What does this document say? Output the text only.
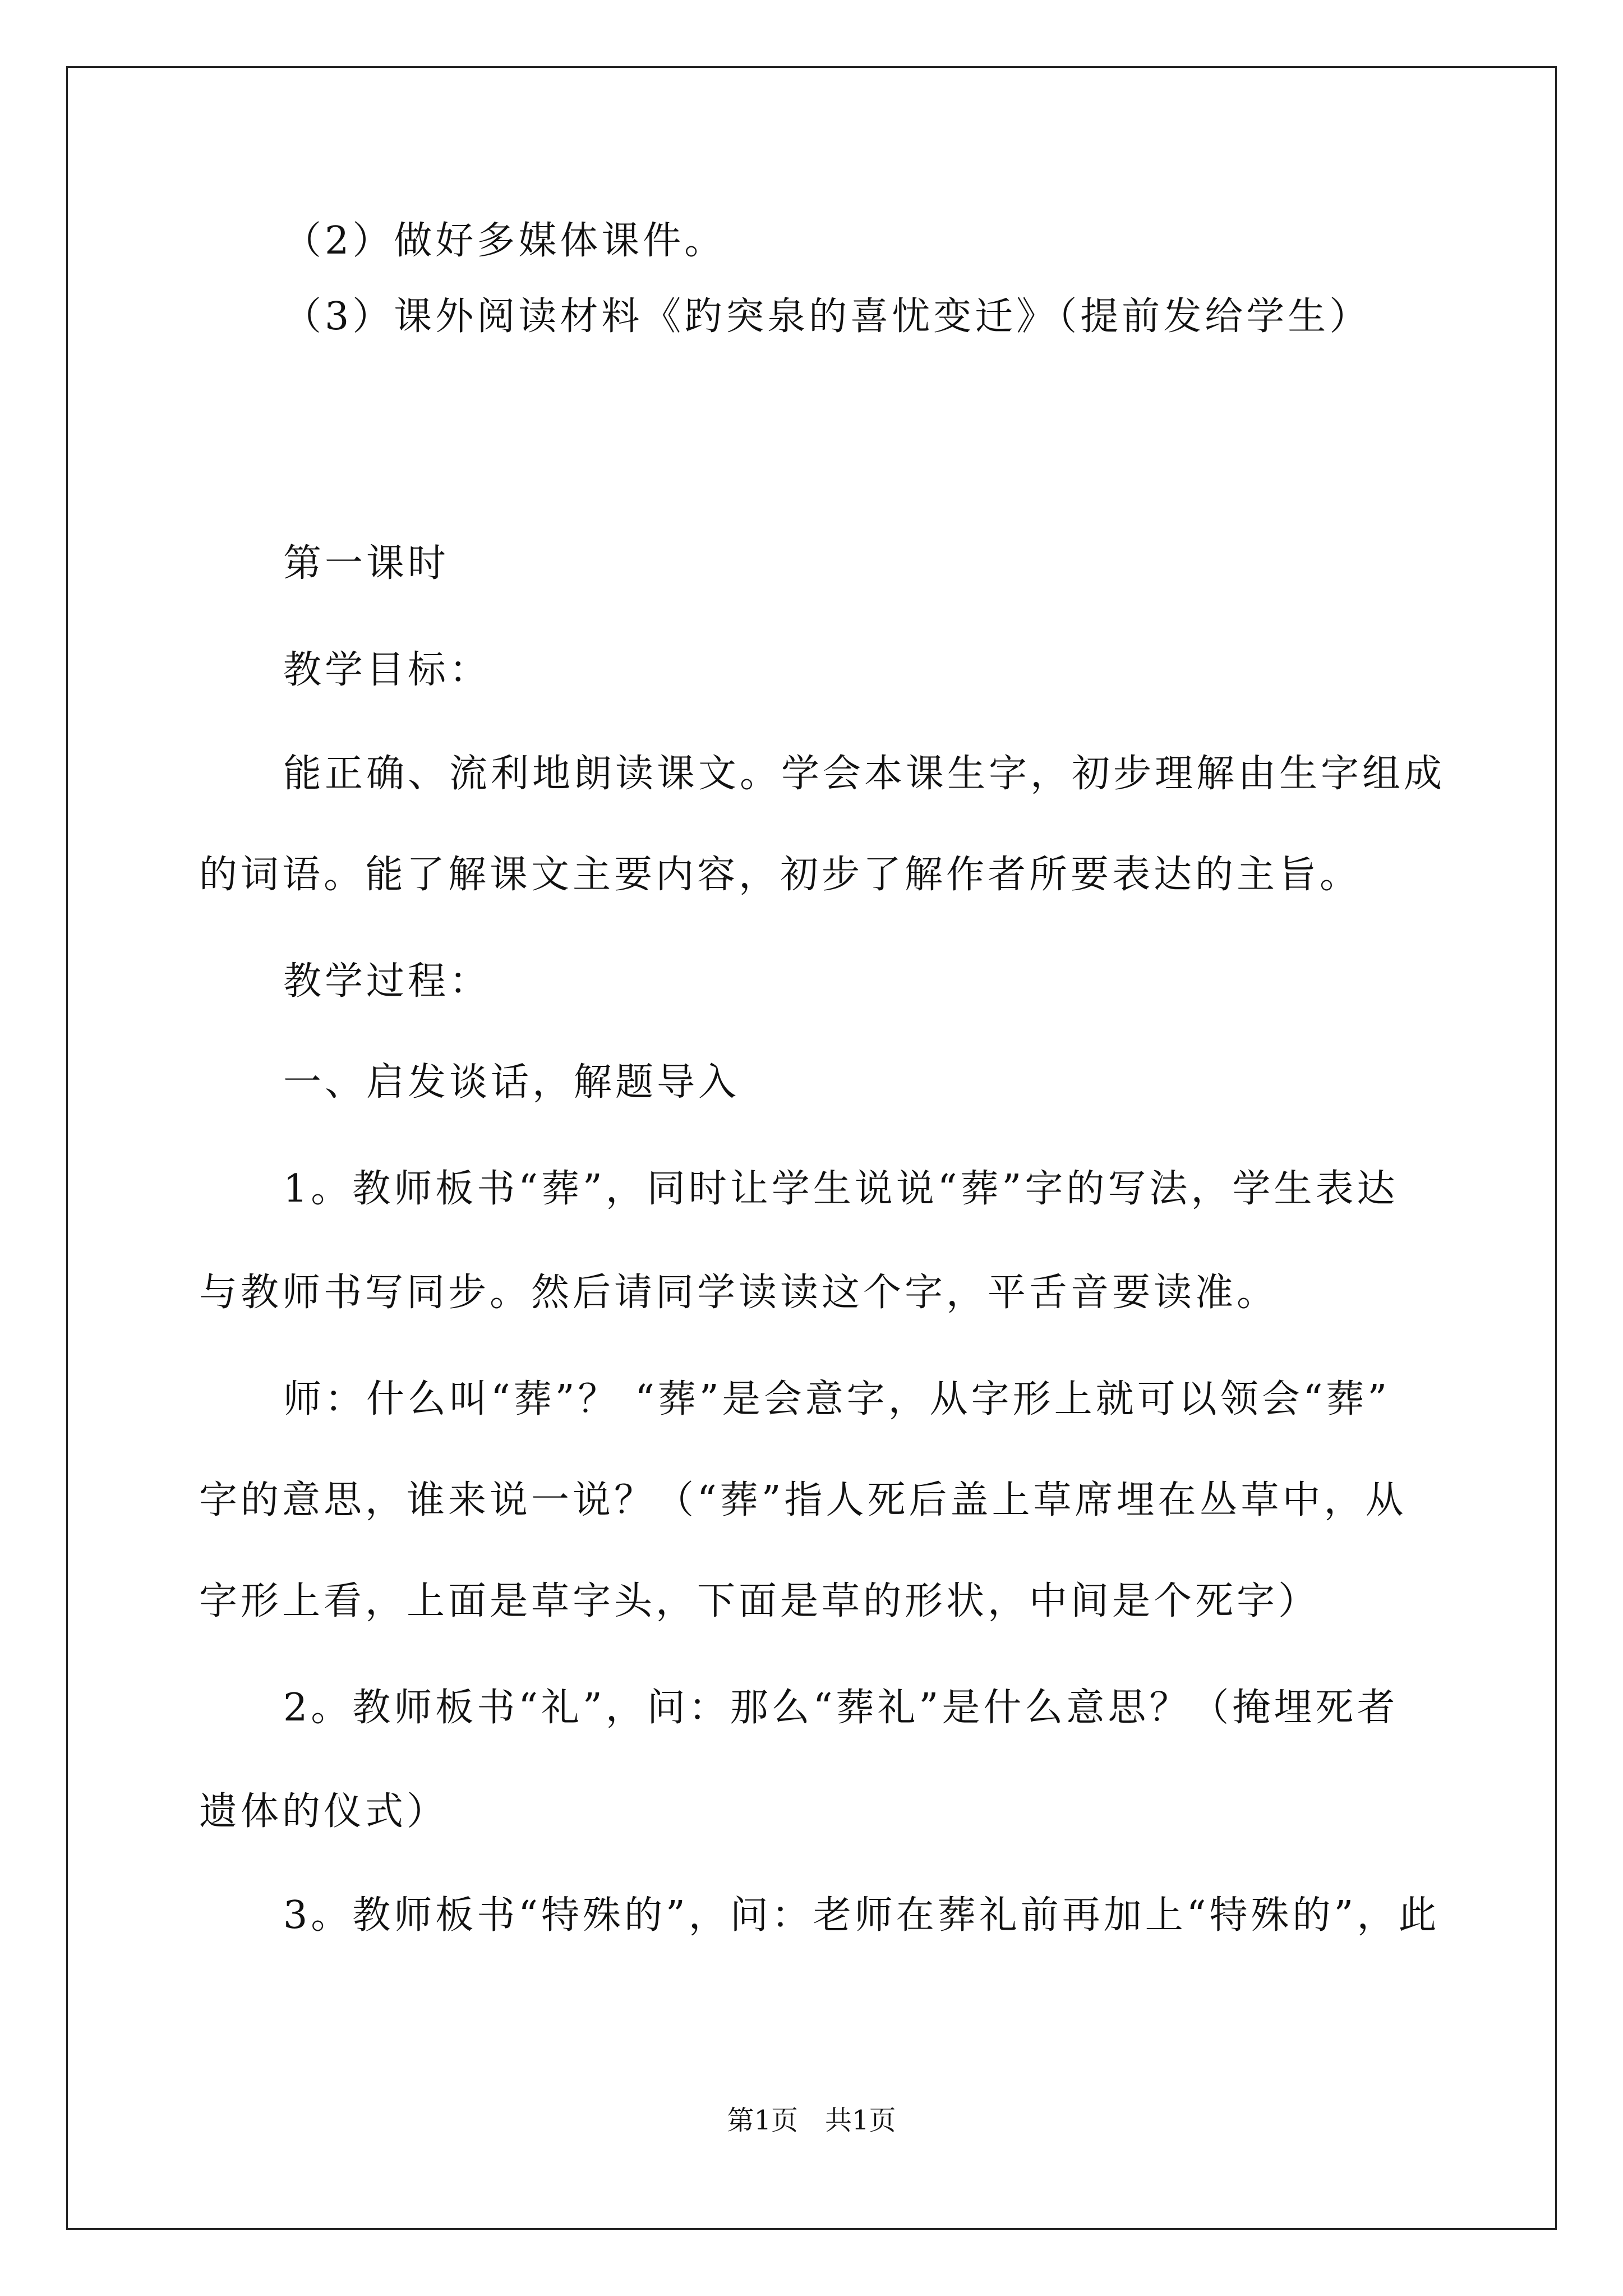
（2）做好多媒体课件。
（3）课外阅读材料《趵突泉的喜忧变迁》（提前发给学生）
第一课时
教学目标：
能正确、流利地朗读课文。学会本课生字，初步理解由生字组成
的词语。能了解课文主要内容，初步了解作者所要表达的主旨。
教学过程：
一、启发谈话，解题导入
1。教师板书“葬”，同时让学生说说“葬”字的写法，学生表达
与教师书写同步。然后请同学读读这个字，平舌音要读准。
师：什么叫“葬”？ “葬”是会意字，从字形上就可以领会“葬”
字的意思，谁来说一说？（“葬”指人死后盖上草席埋在丛草中，从
字形上看，上面是草字头，下面是草的形状，中间是个死字）
2。教师板书“礼”，问：那么“葬礼”是什么意思？（掩埋死者
遗体的仪式）
3。教师板书“特殊的”，问：老师在葬礼前再加上“特殊的”，此
第1页　共1页
